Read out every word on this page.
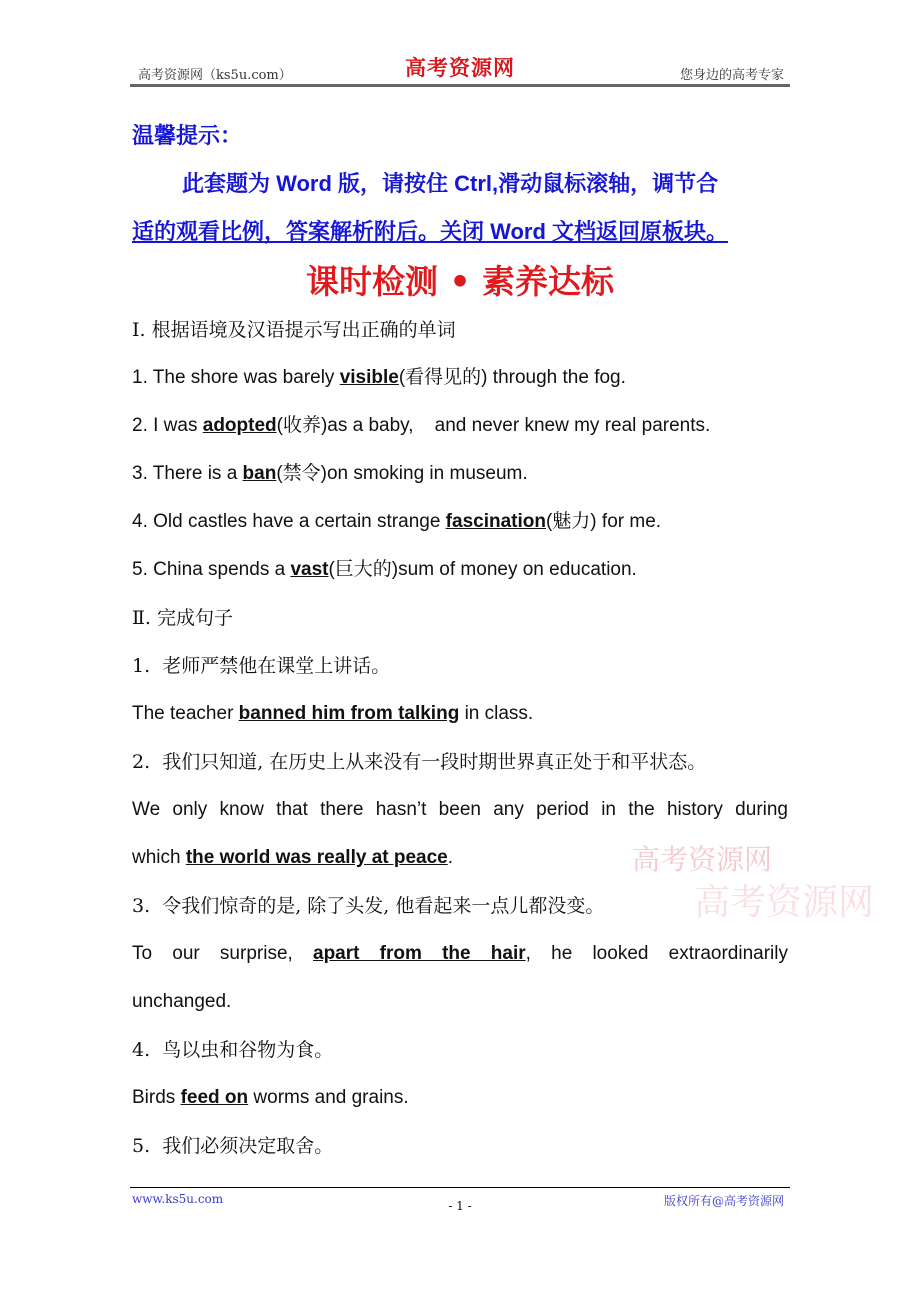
高考资源网（ks5u.com）	高考资源网	您身边的高考专家
温馨提示：
此套题为 Word 版，请按住 Ctrl,滑动鼠标滚轴，调节合
适的观看比例，答案解析附后。关闭 Word 文档返回原板块。
课时检测 • 素养达标
Ⅰ. 根据语境及汉语提示写出正确的单词
1. The shore was barely visible(看得见的) through the fog.
2. I was adopted(收养)as a baby,    and never knew my real parents.
3. There is a ban(禁令)on smoking in museum.
4. Old castles have a certain strange fascination(魅力) for me.
5. China spends a vast(巨大的)sum of money on education.
Ⅱ. 完成句子
1.  老师严禁他在课堂上讲话。
The teacher banned him from talking in class.
2.  我们只知道, 在历史上从来没有一段时期世界真正处于和平状态。
We only know that there hasn’t been any period in the history during
which the world was really at peace.
3.  令我们惊奇的是, 除了头发, 他看起来一点儿都没变。
To our surprise, apart from the hair, he looked extraordinarily
unchanged.
4.  鸟以虫和谷物为食。
Birds feed on worms and grains.
5.  我们必须决定取舍。
高考资源网
高考资源网
www.ks5u.com	- 1 -	版权所有@高考资源网
